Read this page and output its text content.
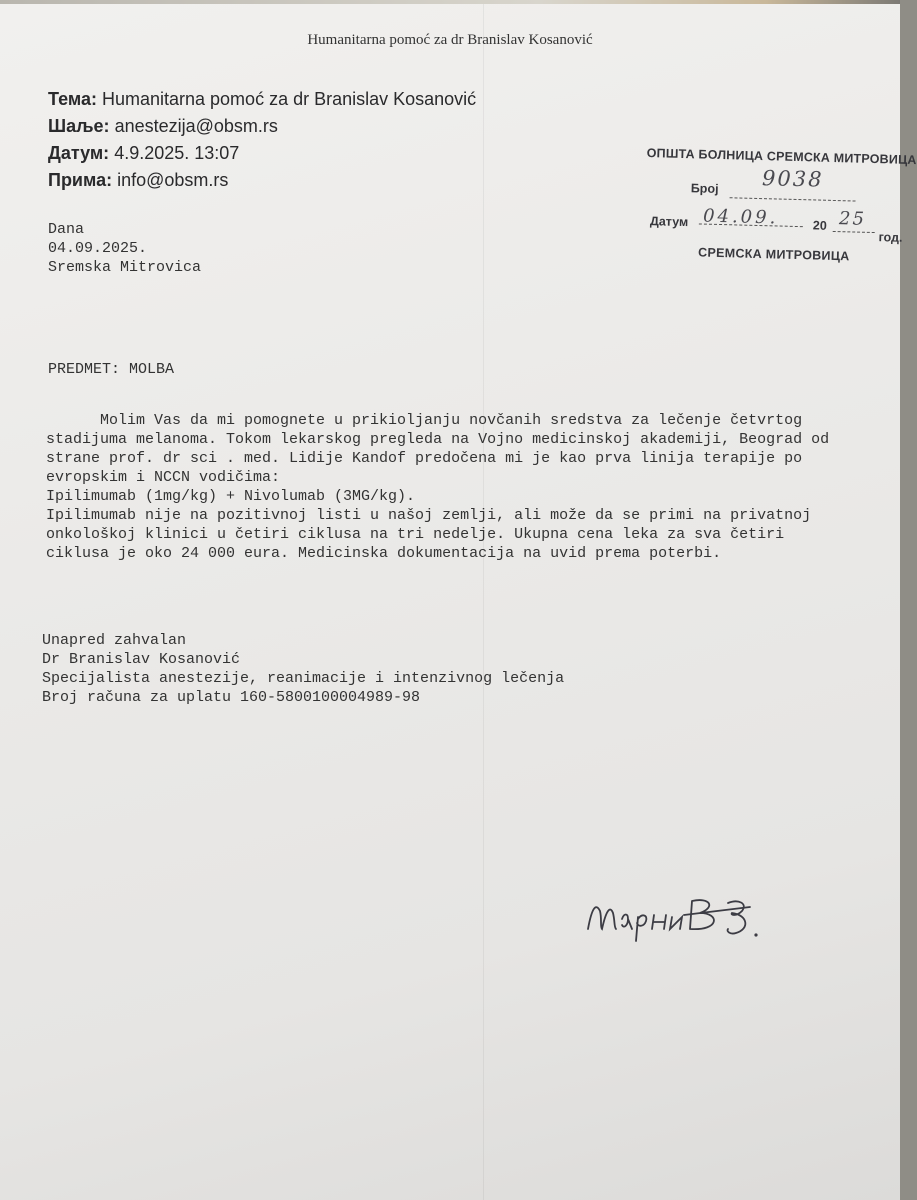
Humanitarna pomoć za dr Branislav Kosanović
Тема: Humanitarna pomoć za dr Branislav Kosanović
Шаље: anestezija@obsm.rs
Датум: 4.9.2025. 13:07
Прима: info@obsm.rs
ОПШТА БОЛНИЦА СРЕМСКА МИТРОВИЦА
Број 9038
Датум 04.09.	20 25
год.
СРЕМСКА МИТРОВИЦА
Dana
04.09.2025.
Sremska Mitrovica
PREDMET: MOLBA
Molim Vas da mi pomognete u prikioljanju novčanih sredstva za lečenje četvrtog
stadijuma melanoma. Tokom lekarskog pregleda na Vojno medicinskoj akademiji, Beograd od
strane prof. dr sci . med. Lidije Kandof predočena mi je kao prva linija terapije po
evropskim i NCCN vodičima:
Ipilimumab (1mg/kg) + Nivolumab (3MG/kg).
Ipilimumab nije na pozitivnoj listi u našoj zemlji, ali može da se primi na privatnoj
onkološkoj klinici u četiri ciklusa na tri nedelje. Ukupna cena leka za sva četiri
ciklusa je oko 24 000 eura. Medicinska dokumentacija na uvid prema poterbi.
Unapred zahvalan
Dr Branislav Kosanović
Specijalista anestezije, reanimacije i intenzivnog lečenja
Broj računa za uplatu 160-5800100004989-98
